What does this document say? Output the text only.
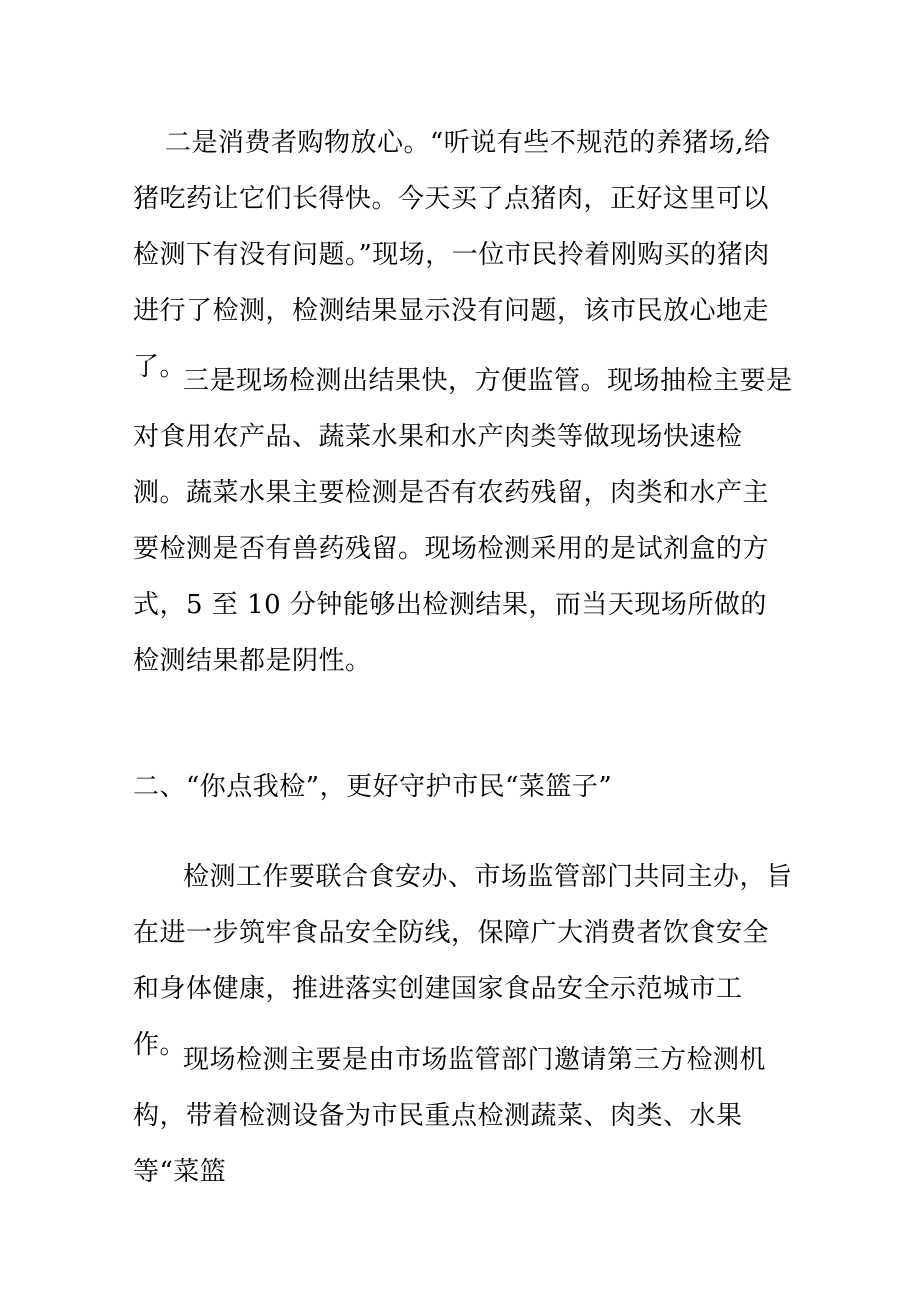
二是消费者购物放心。“听说有些不规范的养猪场,给猪吃药让它们长得快。今天买了点猪肉，正好这里可以检测下有没有问题。”现场，一位市民拎着刚购买的猪肉进行了检测，检测结果显示没有问题，该市民放心地走了。

三是现场检测出结果快，方便监管。现场抽检主要是对食用农产品、蔬菜水果和水产肉类等做现场快速检测。蔬菜水果主要检测是否有农药残留，肉类和水产主要检测是否有兽药残留。现场检测采用的是试剂盒的方式，5 至 10 分钟能够出检测结果，而当天现场所做的检测结果都是阴性。

二、“你点我检”，更好守护市民“菜篮子”

检测工作要联合食安办、市场监管部门共同主办，旨在进一步筑牢食品安全防线，保障广大消费者饮食安全和身体健康，推进落实创建国家食品安全示范城市工作。

现场检测主要是由市场监管部门邀请第三方检测机构，带着检测设备为市民重点检测蔬菜、肉类、水果等“菜篮
